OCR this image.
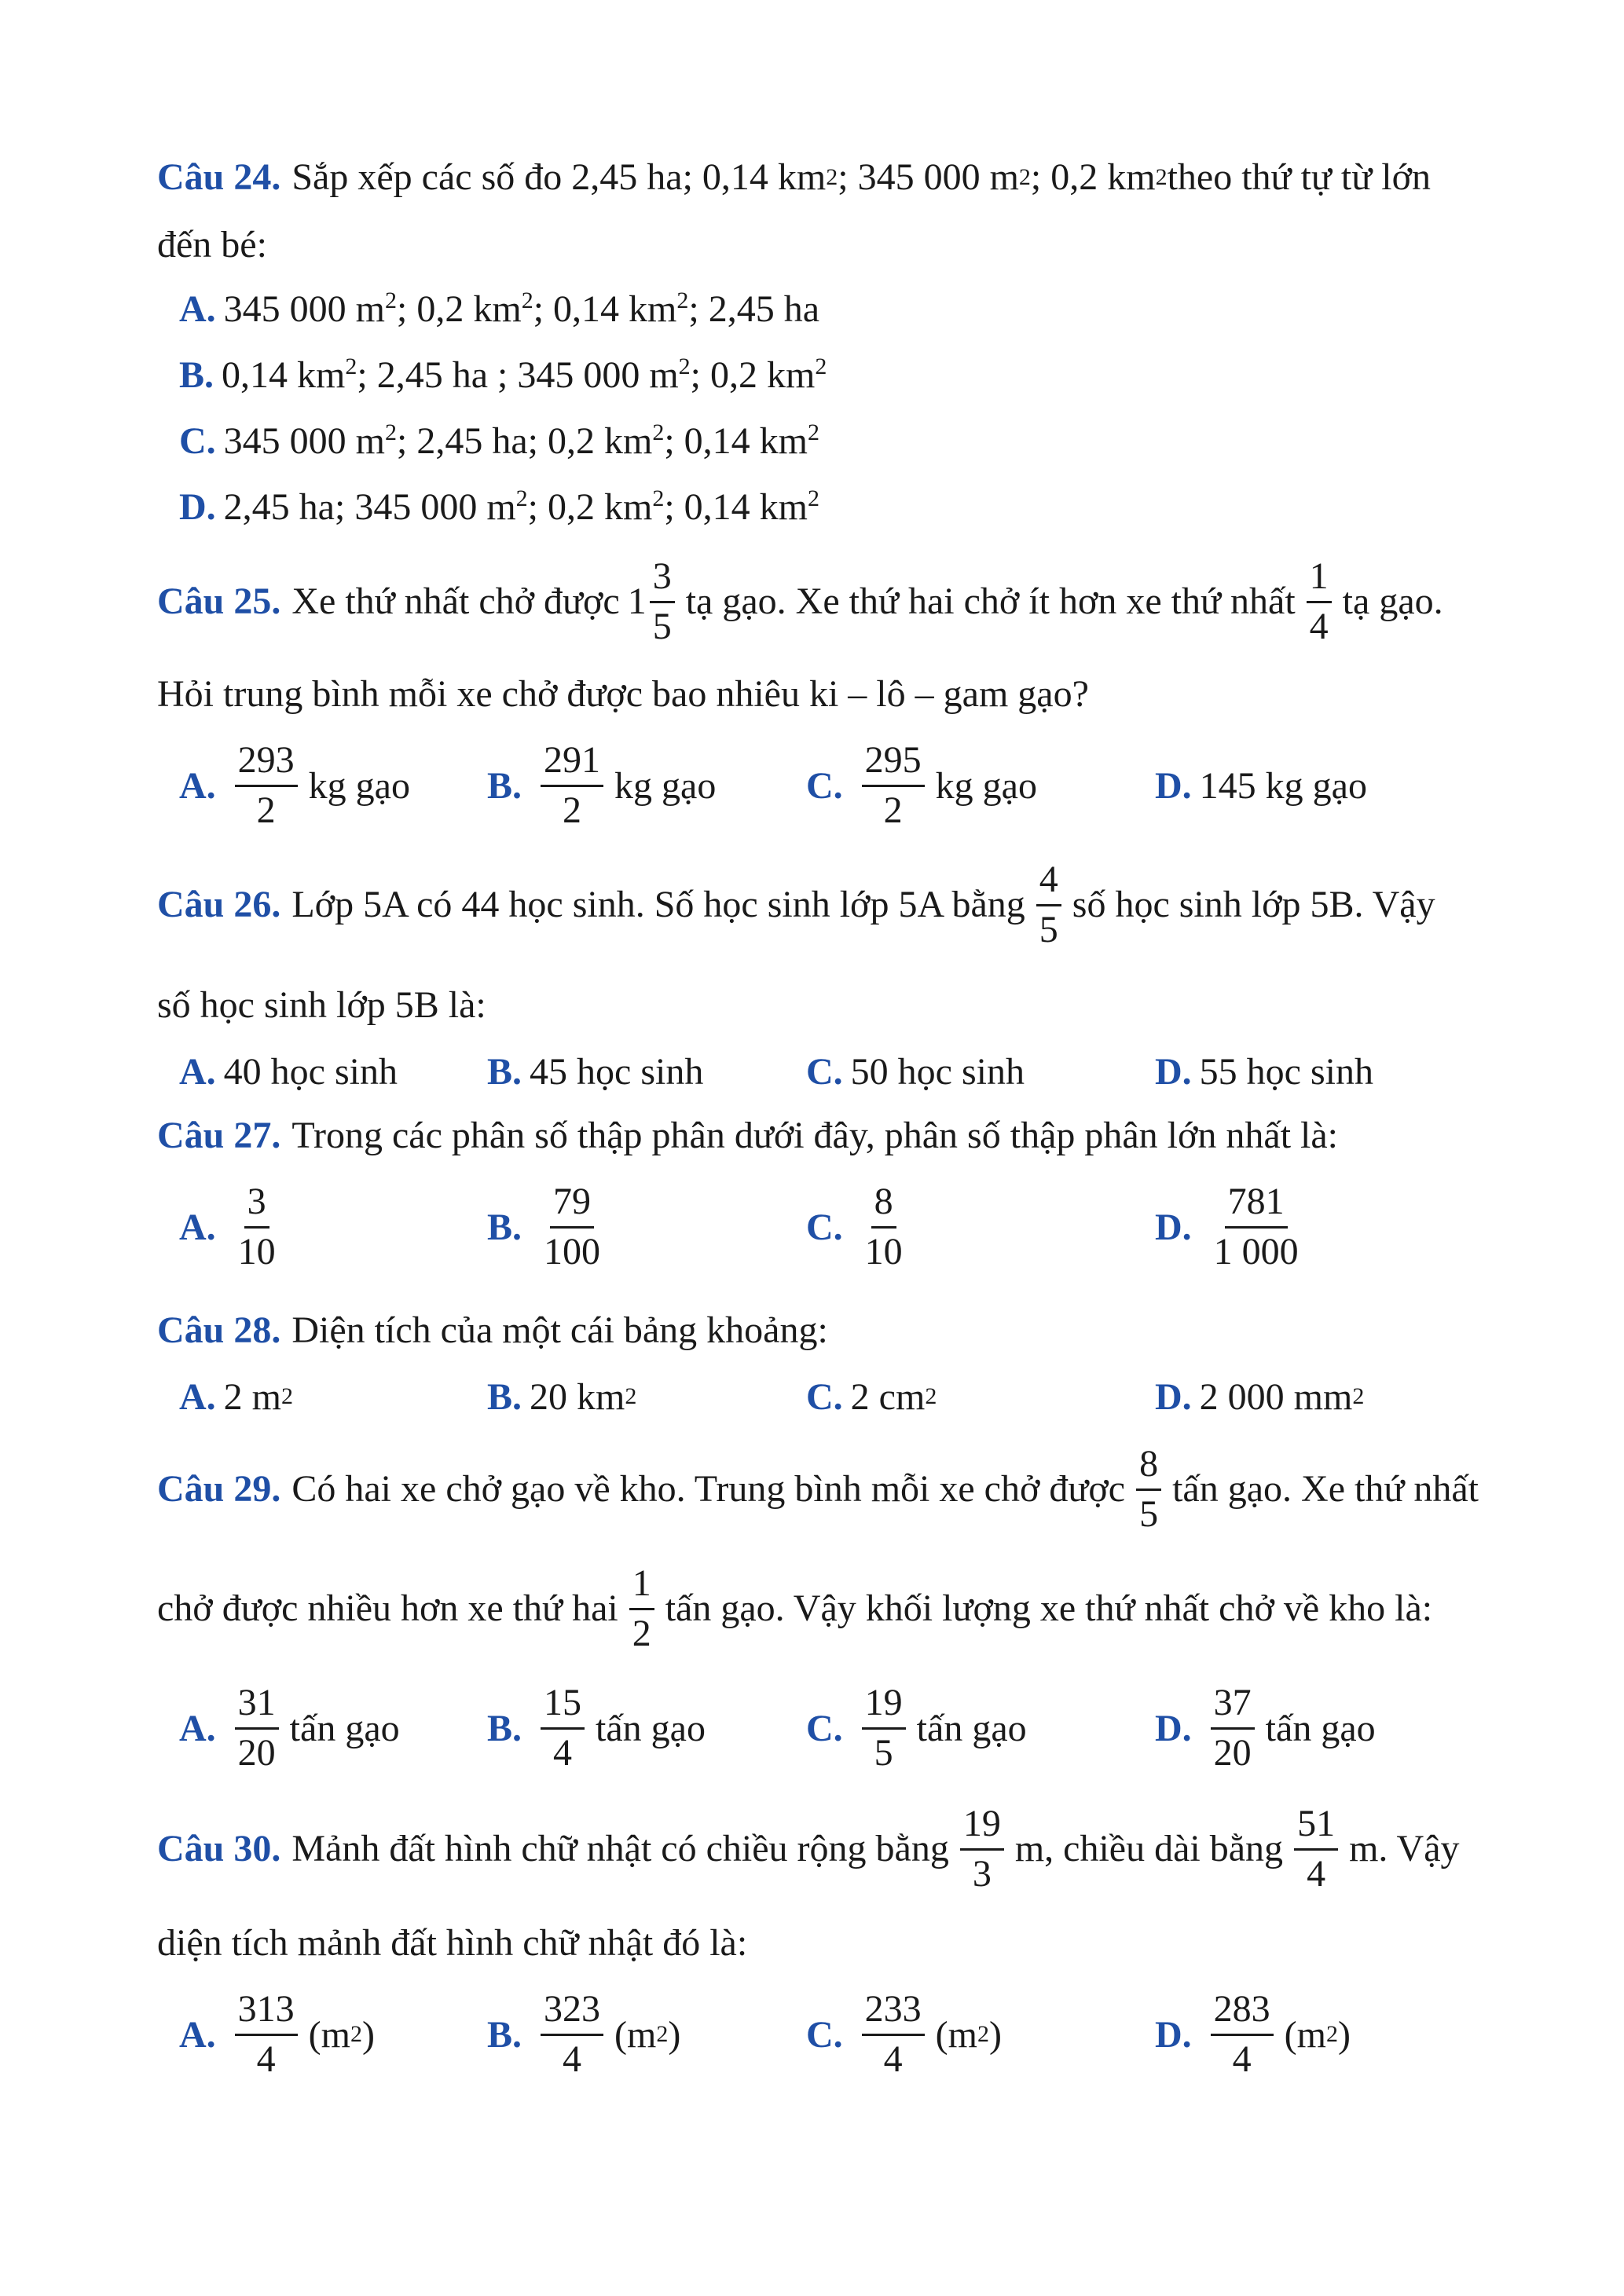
Câu 24. Sắp xếp các số đo 2,45 ha; 0,14 km 2 ; 345 000 m 2 ; 0,2 km 2 theo thứ tự từ lớn
đến bé:
A. 345 000 $m^2$; 0,2 $km^2$; 0,14 $km^2$; 2,45 ha
B. 0,14 $km^2$; 2,45 ha ; 345 000 $m^2$; 0,2 $km^2$
C. 345 000 $m^2$; 2,45 ha; 0,2 $km^2$; 0,14 $km^2$
D. 2,45 ha; 345 000 $m^2$; 0,2 $km^2$; 0,14 $km^2$
Câu 25. Xe thứ nhất chở được $1 \frac{3}{5}$ tạ gạo. Xe thứ hai chở ít hơn xe thứ nhất $\frac{1}{4}$ tạ gạo.
Hỏi trung bình mỗi xe chở được bao nhiêu ki – lô – gam gạo?
A. $\frac{293}{2}$ kg gạo B. $\frac{291}{2}$ kg gạo C. $\frac{295}{2}$ kg gạo	D. 145 kg gạo
Câu 26. Lớp 5A có 44 học sinh. Số học sinh lớp 5A bằng $\frac{4}{5}$ số học sinh lớp 5B. Vậy
số học sinh lớp 5B là:
A. 40 học sinh B. 45 học sinh	C. 50 học sinh	D. 55 học sinh
Câu 27. Trong các phân số thập phân dưới đây, phân số thập phân lớn nhất là:
A. $\frac{3}{10}$	B. $\frac{79}{100}$	C. $\frac{8}{10}$	D. $\frac{781}{1 000}$
Câu 28. Diện tích của một cái bảng khoảng:
A. 2 m 2	B. 20 km 2	C. 2 cm 2	D. 2 000 mm 2
Câu 29. Có hai xe chở gạo về kho. Trung bình mỗi xe chở được $\frac{8}{5}$ tấn gạo. Xe thứ nhất
chở được nhiều hơn xe thứ hai $\frac{1}{2}$ tấn gạo. Vậy khối lượng xe thứ nhất chở về kho là:
A. $\frac{31}{20}$ tấn gạo B. $\frac{15}{4}$ tấn gạo	C. $\frac{19}{5}$ tấn gạo	D. $\frac{37}{20}$ tấn gạo
Câu 30. Mảnh đất hình chữ nhật có chiều rộng bằng $\frac{19}{3} m$, chiều dài bằng $\frac{51}{4} m$. Vậy
diện tích mảnh đất hình chữ nhật đó là:
A. $\frac{313}{4} (m$ 2 )	B. $\frac{323}{4} (m$ 2 )	C. $\frac{233}{4} (m$ 2 )	D. $\frac{283}{4} (m$ 2 )
